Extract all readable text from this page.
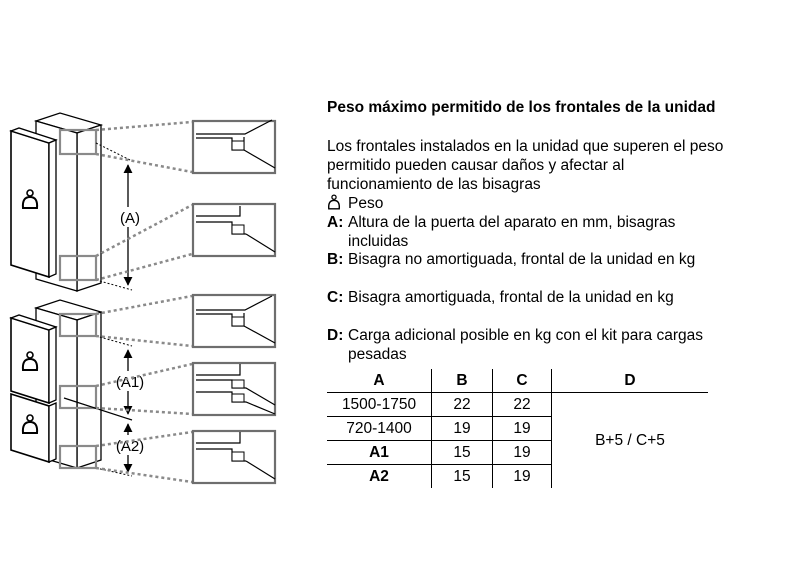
(A)
(A1)
(A2)
Peso máximo permitido de los frontales de la unidad
Los frontales instalados en la unidad que superen el peso
permitido pueden causar daños y afectar al
funcionamiento de las bisagras
Peso
A: Altura de la puerta del aparato en mm, bisagras
incluidas
B: Bisagra no amortiguada, frontal de la unidad en kg
C: Bisagra amortiguada, frontal de la unidad en kg
D: Carga adicional posible en kg con el kit para cargas
pesadas
A	B	C	D
1500-1750	22	22	B+5 / C+5
720-1400	19	19	
A1	15	19	
A2	15	19	
